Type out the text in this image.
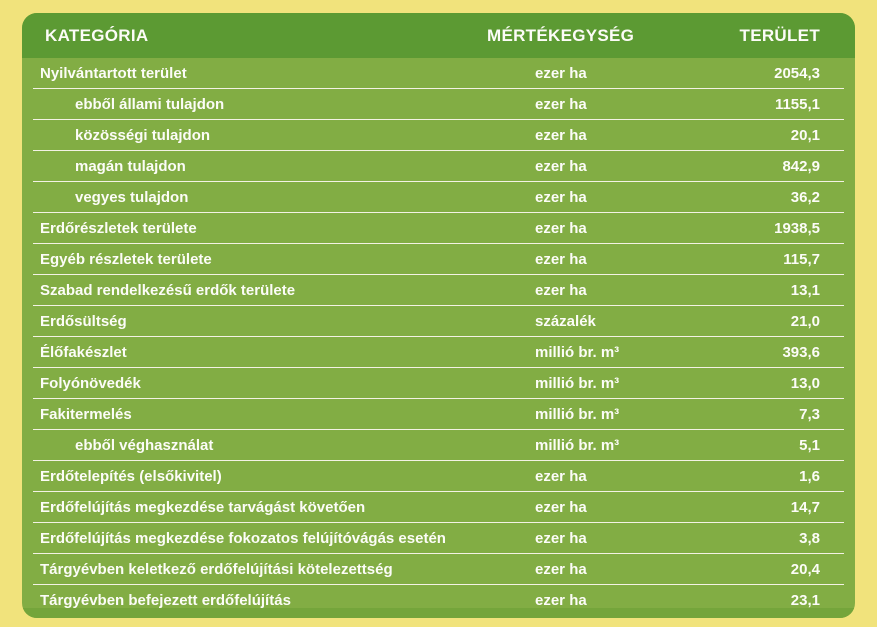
KATEGÓRIA	MÉRTÉKEGYSÉG	TERÜLET
Nyilvántartott terület	ezer ha	2054,3
ebből állami tulajdon	ezer ha	1155,1
közösségi tulajdon	ezer ha	20,1
magán tulajdon	ezer ha	842,9
vegyes tulajdon	ezer ha	36,2
Erdőrészletek területe	ezer ha	1938,5
Egyéb részletek területe	ezer ha	115,7
Szabad rendelkezésű erdők területe	ezer ha	13,1
Erdősültség	százalék	21,0
Élőfakészlet	millió br. m³	393,6
Folyónövedék	millió br. m³	13,0
Fakitermelés	millió br. m³	7,3
ebből véghasználat	millió br. m³	5,1
Erdőtelepítés (elsőkivitel)	ezer ha	1,6
Erdőfelújítás megkezdése tarvágást követően	ezer ha	14,7
Erdőfelújítás megkezdése fokozatos felújítóvágás esetén	ezer ha	3,8
Tárgyévben keletkező erdőfelújítási kötelezettség	ezer ha	20,4
Tárgyévben befejezett erdőfelújítás	ezer ha	23,1
